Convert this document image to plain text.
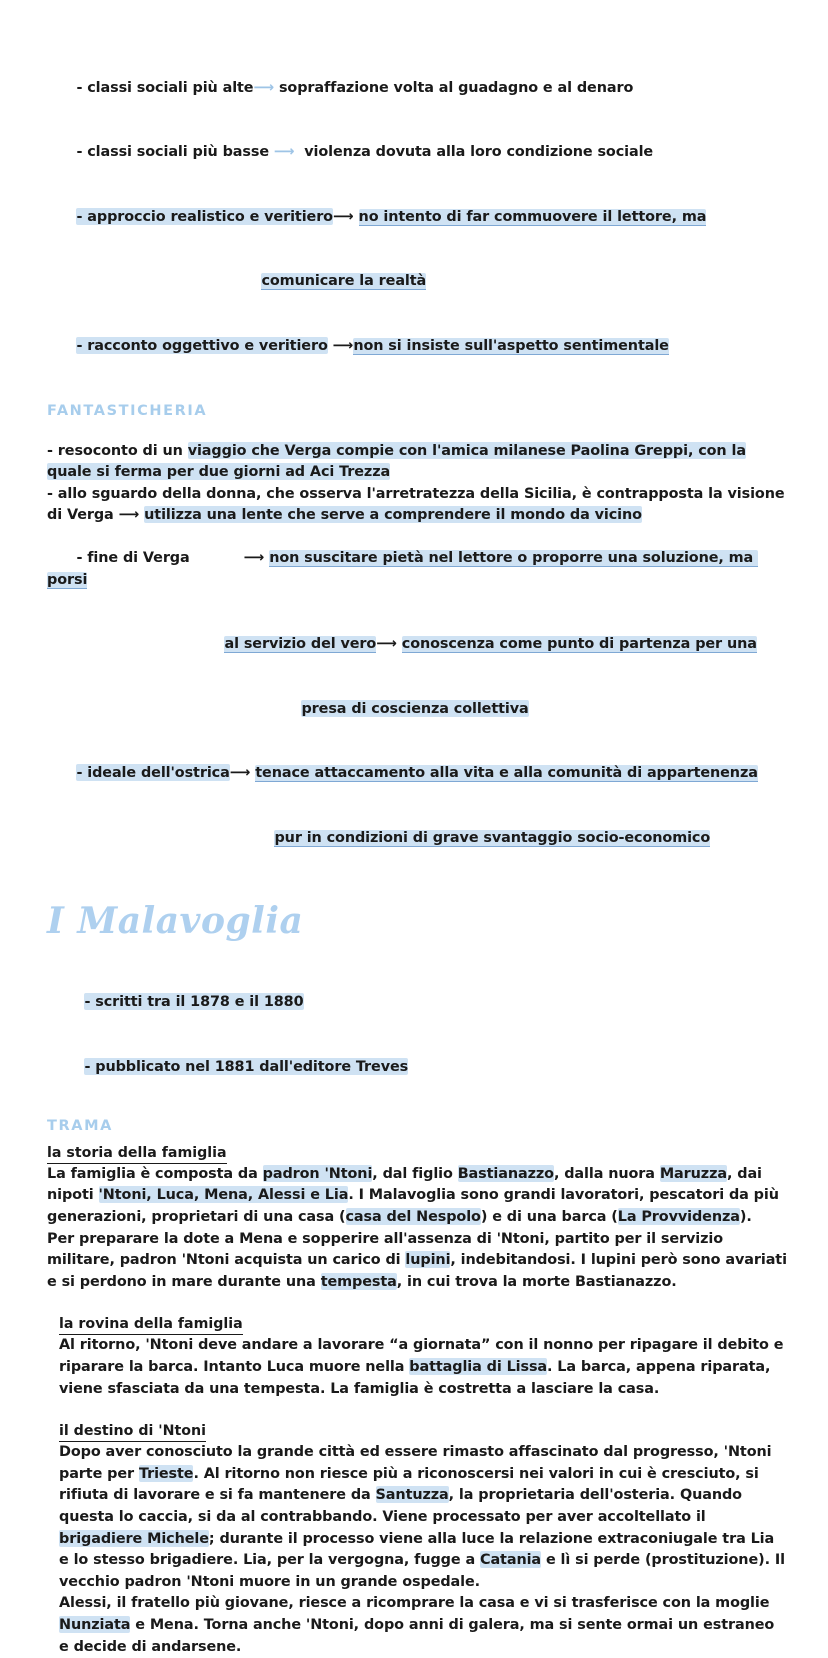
- classi sociali più alte⟶ sopraffazione volta al guadagno e al denaro

- classi sociali più basse ⟶ violenza dovuta alla loro condizione sociale

- approccio realistico e veritiero⟶ no intento di far commuovere il lettore, ma

comunicare la realtà

- racconto oggettivo e veritiero ⟶non si insiste sull'aspetto sentimentale

FANTASTICHERIA

- resoconto di un viaggio che Verga compie con l'amica milanese Paolina Greppi, con la quale si ferma per due giorni ad Aci Trezza

- allo sguardo della donna, che osserva l'arretratezza della Sicilia, è contrapposta la visione di Verga ⟶ utilizza una lente che serve a comprendere il mondo da vicino

- fine di Verga	⟶ non suscitare pietà nel lettore o proporre una soluzione, ma porsi

al servizio del vero⟶ conoscenza come punto di partenza per una

presa di coscienza collettiva

- ideale dell'ostrica⟶ tenace attaccamento alla vita e alla comunità di appartenenza

pur in condizioni di grave svantaggio socio-economico

I Malavoglia

- scritti tra il 1878 e il 1880

- pubblicato nel 1881 dall'editore Treves

TRAMA
la storia della famiglia

La famiglia è composta da padron 'Ntoni, dal figlio Bastianazzo, dalla nuora Maruzza, dai nipoti 'Ntoni, Luca, Mena, Alessi e Lia. I Malavoglia sono grandi lavoratori, pescatori da più generazioni, proprietari di una casa (casa del Nespolo) e di una barca (La Provvidenza).

Per preparare la dote a Mena e sopperire all'assenza di 'Ntoni, partito per il servizio militare, padron 'Ntoni acquista un carico di lupini, indebitandosi. I lupini però sono avariati e si perdono in mare durante una tempesta, in cui trova la morte Bastianazzo.

la rovina della famiglia

Al ritorno, 'Ntoni deve andare a lavorare “a giornata” con il nonno per ripagare il debito e riparare la barca. Intanto Luca muore nella battaglia di Lissa. La barca, appena riparata, viene sfasciata da una tempesta. La famiglia è costretta a lasciare la casa.

il destino di 'Ntoni

Dopo aver conosciuto la grande città ed essere rimasto affascinato dal progresso, 'Ntoni parte per Trieste. Al ritorno non riesce più a riconoscersi nei valori in cui è cresciuto, si rifiuta di lavorare e si fa mantenere da Santuzza, la proprietaria dell'osteria. Quando questa lo caccia, si da al contrabbando. Viene processato per aver accoltellato il brigadiere Michele; durante il processo viene alla luce la relazione extraconiugale tra Lia e lo stesso brigadiere. Lia, per la vergogna, fugge a Catania e lì si perde (prostituzione). Il vecchio padron 'Ntoni muore in un grande ospedale.

Alessi, il fratello più giovane, riesce a ricomprare la casa e vi si trasferisce con la moglie Nunziata e Mena. Torna anche 'Ntoni, dopo anni di galera, ma si sente ormai un estraneo e decide di andarsene.
